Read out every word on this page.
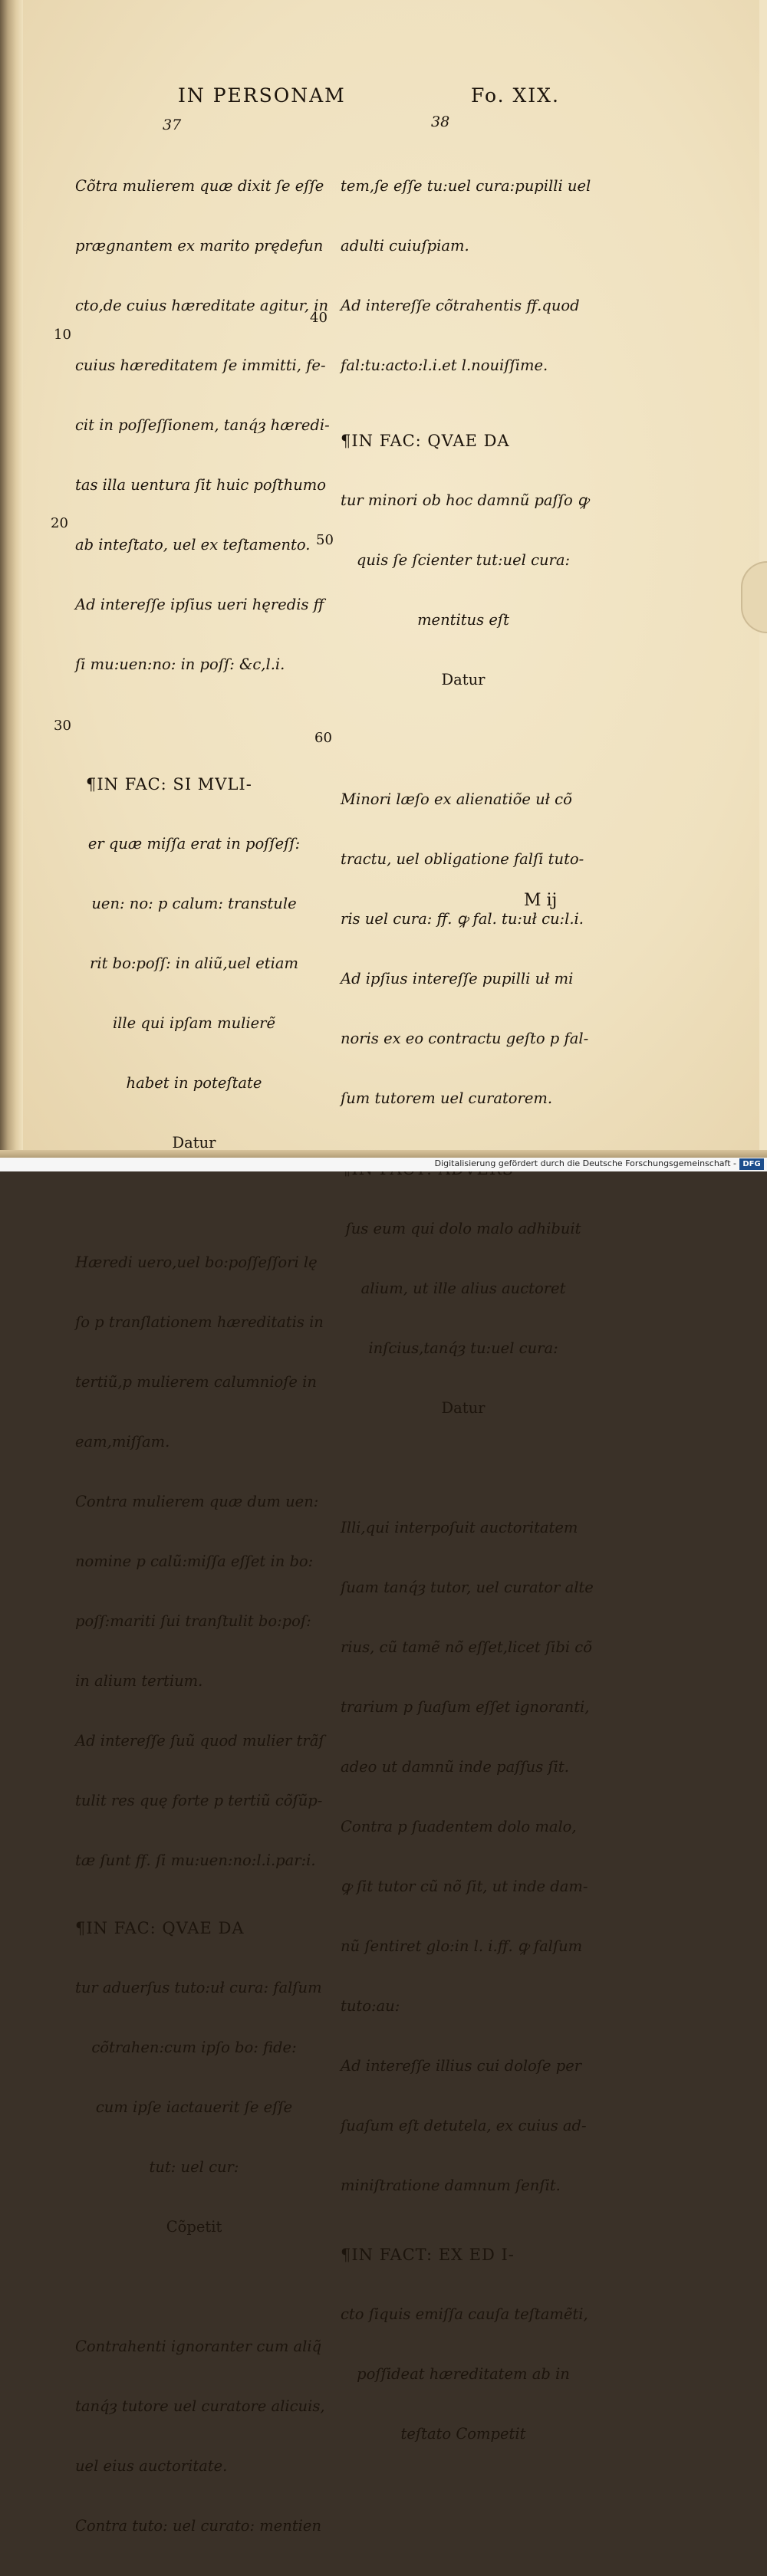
IN PERSONAM	Fo. XIX.
37	38
10
20
30
40
50
60

Cõtra mulierem quæ dixit ſe eſſe

prægnantem ex marito prędefun

cto,de cuius hæreditate agitur, in

cuius hæreditatem ſe immitti, fe-

cit in poſſeſſionem, tanq́ȝ hæredi-

tas illa uentura ſit huic poſthumo

ab inteſtato, uel ex teſtamento.

Ad intereſſe ipſius ueri hęredis ff

ſi mu:uen:no: in poſſ: &c,l.i.

¶IN FAC: SI MVLI-

er quæ miſſa erat in poſſeſſ:

uen: no: p calum: transtule

rit bo:poſſ: in aliũ,uel etiam

ille qui ipſam mulierẽ

habet in poteſtate

Datur

Hæredi uero,uel bo:poſſeſſori lę

ſo p tranſlationem hæreditatis in

tertiũ,p mulierem calumnioſe in

eam,miſſam.

Contra mulierem quæ dum uen:

nomine p calũ:miſſa eſſet in bo:

poſſ:mariti ſui tranſtulit bo:poſ:

in alium tertium.

Ad intereſſe ſuũ quod mulier trãſ

tulit res quę forte p tertiũ cõſũp-

tæ ſunt ff. ſi mu:uen:no:l.i.par:i.

¶IN FAC: QVAE DA

tur aduerſus tuto:uł cura: falſum

cõtrahen:cum ipſo bo: fide:

cum ipſe iactauerit ſe eſſe

tut: uel cur:

Cõpetit

Contrahenti ignoranter cum aliq̃

tanq́ȝ tutore uel curatore alicuis,

uel eius auctoritate.

Contra tuto: uel curato: mentien

tem,ſe eſſe tu:uel cura:pupilli uel

adulti cuiuſpiam.

Ad intereſſe cõtrahentis ff.quod

fal:tu:acto:l.i.et l.nouiſſime.

¶IN FAC: QVAE DA

tur minori ob hoc damnũ paſſo ꝙ

quis ſe ſcienter tut:uel cura:

mentitus eſt

Datur

Minori læſo ex alienatiõe uł cõ

tractu, uel obligatione falſi tuto-

ris uel cura: ff. ꝙ fal. tu:uł cu:l.i.

Ad ipſius intereſſe pupilli uł mi

noris ex eo contractu geſto p fal-

ſum tutorem uel curatorem.

ſus eum qui dolo malo adhibuit

alium, ut ille alius auctoret

inſcius,tanq́ȝ tu:uel cura:

Datur

Illi,qui interpoſuit auctoritatem

ſuam tanq́ȝ tutor, uel curator alte

rius, cũ tamẽ nõ eſſet,licet ſibi cõ

trarium p ſuaſum eſſet ignoranti,

adeo ut damnũ inde paſſus ſit.

Contra p ſuadentem dolo malo,

ꝙ ſit tutor cũ nõ ſit, ut inde dam-

nũ ſentiret glo:in l. i.ff. ꝙ falſum

tuto:au:

Ad intereſſe illius cui doloſe per

ſuaſum eſt detutela, ex cuius ad-

miniſtratione damnum ſenſit.

¶IN FACT: EX ED I-

cto ſiquis emiſſa cauſa teſtamẽti,

poſſideat hæreditatem ab in

teſtato Competit

M ij
Digitalisierung gefördert durch die Deutsche Forschungsgemeinschaft - DFG
